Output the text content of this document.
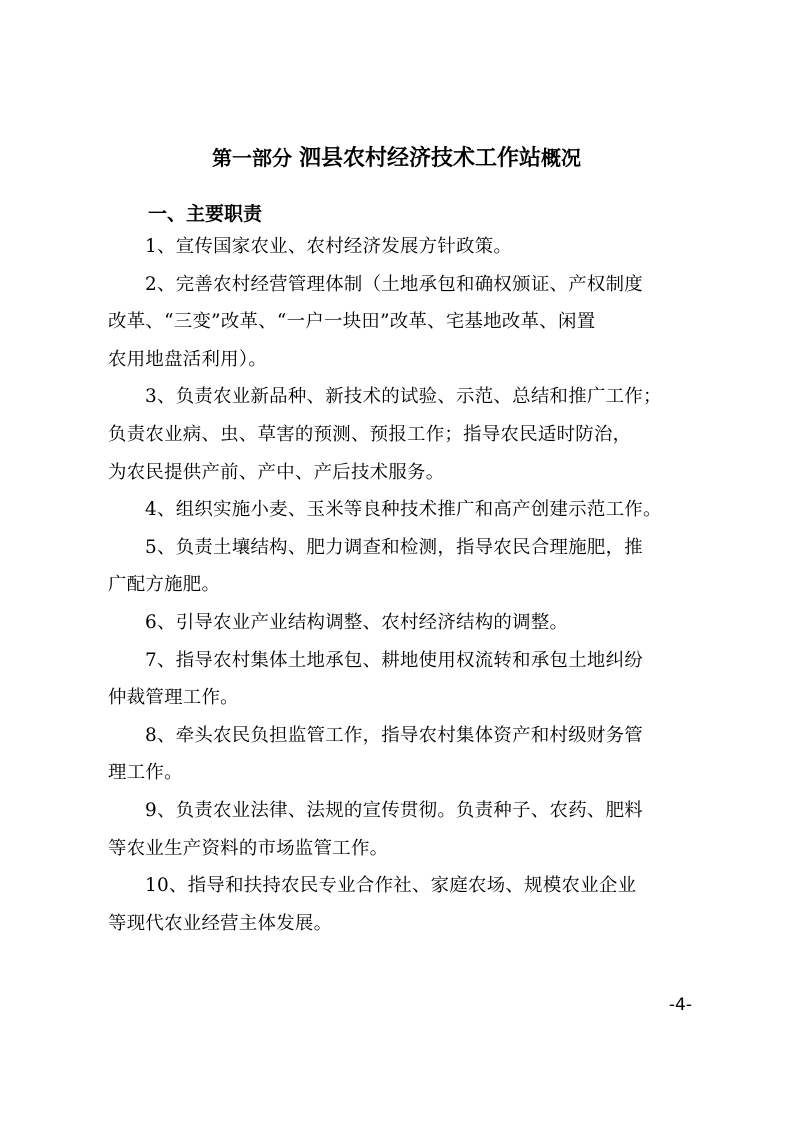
第一部分 泗县农村经济技术工作站概况
一、主要职责

1、宣传国家农业、农村经济发展方针政策。

2、完善农村经营管理体制（土地承包和确权颁证、产权制度
改革、“三变”改革、“一户一块田”改革、宅基地改革、闲置
农用地盘活利用）。

3、负责农业新品种、新技术的试验、示范、总结和推广工作；
负责农业病、虫、草害的预测、预报工作；指导农民适时防治，
为农民提供产前、产中、产后技术服务。

4、组织实施小麦、玉米等良种技术推广和高产创建示范工作。

5、负责土壤结构、肥力调查和检测，指导农民合理施肥，推
广配方施肥。

6、引导农业产业结构调整、农村经济结构的调整。

7、指导农村集体土地承包、耕地使用权流转和承包土地纠纷
仲裁管理工作。

8、牵头农民负担监管工作，指导农村集体资产和村级财务管
理工作。

9、负责农业法律、法规的宣传贯彻。负责种子、农药、肥料
等农业生产资料的市场监管工作。

10、指导和扶持农民专业合作社、家庭农场、规模农业企业
等现代农业经营主体发展。

-4-
